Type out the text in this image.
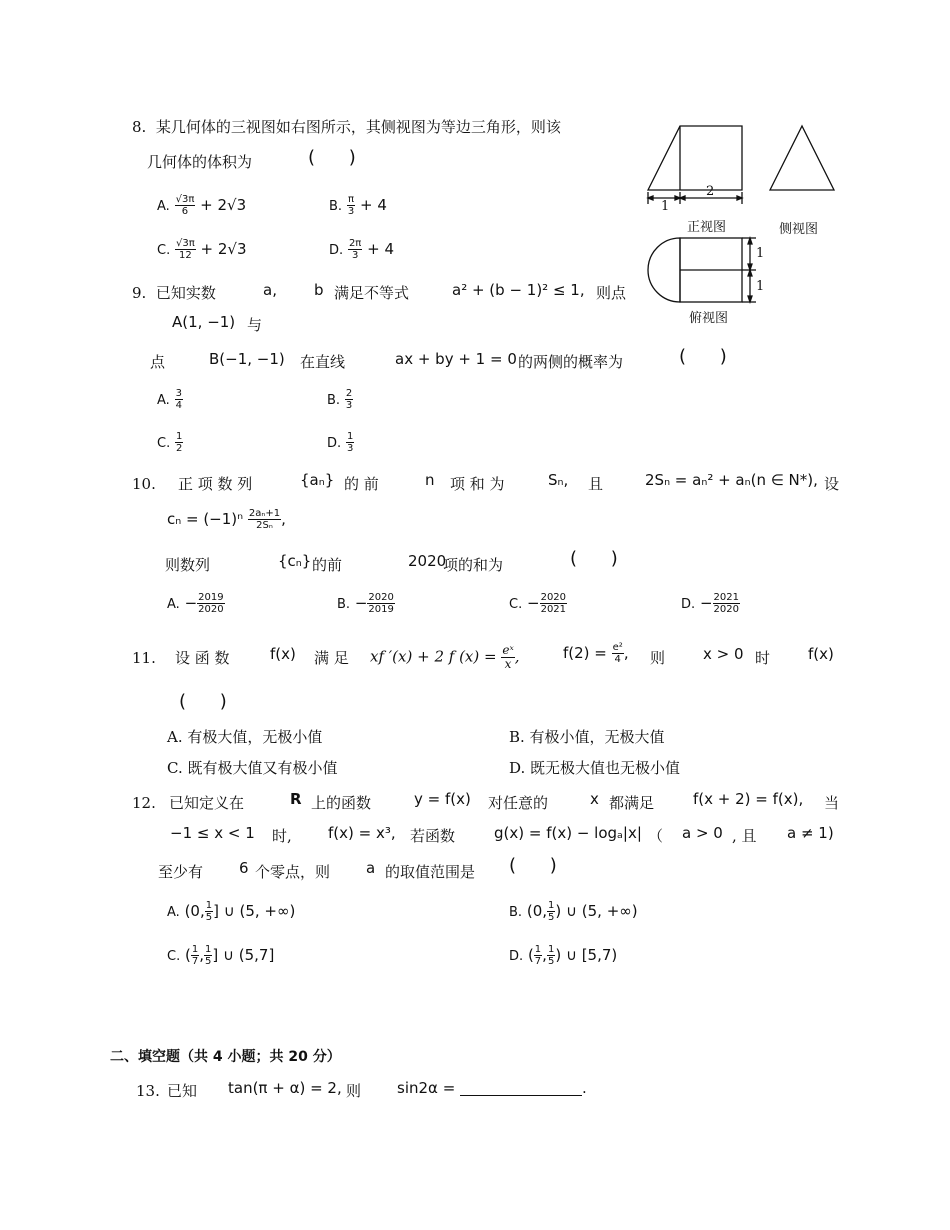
8. 某几何体的三视图如右图所示，其侧视图为等边三角形，则该
几何体的体积为	( )
A. $\frac{√3\pi}{6} + 2√3$	B. $\frac{\pi}{3} + 4$
C. $\frac{√3\pi}{12} + 2√3$	D. $\frac{2\pi}{3} + 4$
1
2
正视图	侧视图
1
1
俯视图
9. 已知实数	a, b 满足不等式	a² + (b − 1)² ≤ 1, 则点
A(1, −1) 与
点	B(−1, −1) 在直线	ax + by + 1 = 0 的两侧的概率为	( )
A. $\frac{3}{4}$	B. $\frac{2}{3}$
C. $\frac{1}{2}$	D. $\frac{1}{3}$
10. 正 项 数 列	{aₙ} 的 前	n 项 和 为	Sₙ, 且	2Sₙ = aₙ² + aₙ(n ∈ N*), 设
$c_n = (-1)^n \frac{\text{2aₙ+1}}{\text{2Sₙ}}$ ,
则数列	{cₙ} 的前	2020
项的和为	( )
A. − $\frac{2019}{2020}$	B. − $\frac{2020}{2019}$	C. − $\frac{2020}{2021}$	D. − $\frac{2021}{2020}$
11. 设 函 数	f(x) 满 足 xf ′(x) + 2 f $(x) = \frac{\text{eˣ}}{x}$ ,	$f(2) = \frac{\text{e²}}{4}$ , 则	x > 0 时	f(x)
( )
A. 有极大值，无极小值	B. 有极小值，无极大值
C. 既有极大值又有极小值	D. 既无极大值也无极小值
12. 已知定义在	R 上的函数	y = f(x) 对任意的	x 都满足	f(x + 2) = f(x), 当
−1 ≤ x < 1 时, f(x) = x³, 若函数	g(x) = f(x) − logₐ|x| （ a > 0 , 且 a ≠ 1)
至少有 6 个零点，则 a 的取值范围是 ( )
A. (0, $\frac{1}{5}$ ] ∪ (5, +∞)	B. (0, $\frac{1}{5}$ ) ∪ (5, +∞)
C. ( $\frac{1}{7}$ , $\frac{1}{5}$ ] ∪ (5,7]	D. ( $\frac{1}{7}$ , $\frac{1}{5}$ ) ∪ [5,7)
二、填空题（共 4 小题；共 20 分）
13. 已知 tan(π + α) = 2, 则 sin2α =	.
